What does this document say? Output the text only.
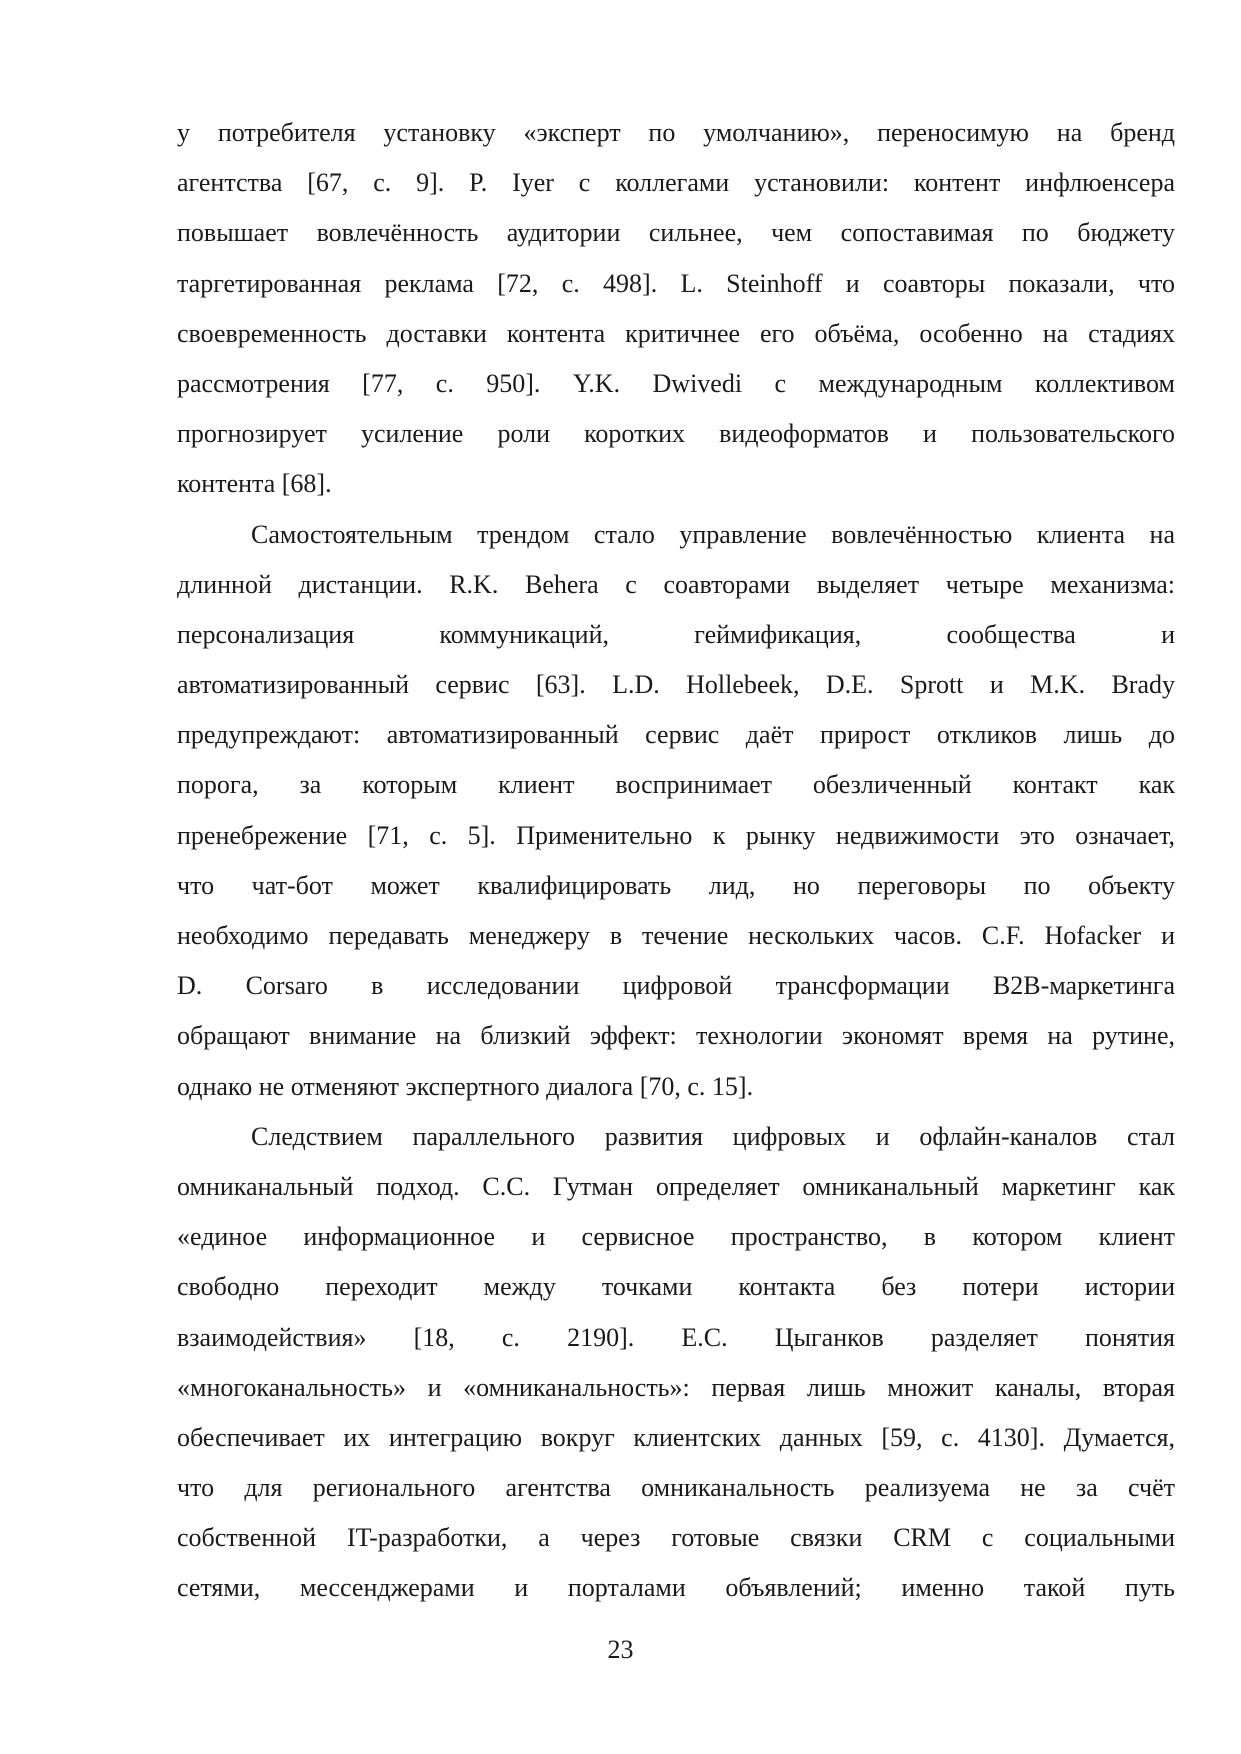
у потребителя установку «эксперт по умолчанию», переносимую на бренд
агентства [67, с. 9]. P. Iyer с коллегами установили: контент инфлюенсера
повышает вовлечённость аудитории сильнее, чем сопоставимая по бюджету
таргетированная реклама [72, с. 498]. L. Steinhoff и соавторы показали, что
своевременность доставки контента критичнее его объёма, особенно на стадиях
рассмотрения [77, с. 950]. Y.K. Dwivedi с международным коллективом
прогнозирует усиление роли коротких видеоформатов и пользовательского
контента [68].
Самостоятельным трендом стало управление вовлечённостью клиента на
длинной дистанции. R.K. Behera с соавторами выделяет четыре механизма:
персонализация коммуникаций, геймификация, сообщества и
автоматизированный сервис [63]. L.D. Hollebeek, D.E. Sprott и M.K. Brady
предупреждают: автоматизированный сервис даёт прирост откликов лишь до
порога, за которым клиент воспринимает обезличенный контакт как
пренебрежение [71, с. 5]. Применительно к рынку недвижимости это означает,
что чат-бот может квалифицировать лид, но переговоры по объекту
необходимо передавать менеджеру в течение нескольких часов. C.F. Hofacker и
D. Corsaro в исследовании цифровой трансформации B2B-маркетинга
обращают внимание на близкий эффект: технологии экономят время на рутине,
однако не отменяют экспертного диалога [70, с. 15].
Следствием параллельного развития цифровых и офлайн-каналов стал
омниканальный подход. С.С. Гутман определяет омниканальный маркетинг как
«единое информационное и сервисное пространство, в котором клиент
свободно переходит между точками контакта без потери истории
взаимодействия» [18, с. 2190]. Е.С. Цыганков разделяет понятия
«многоканальность» и «омниканальность»: первая лишь множит каналы, вторая
обеспечивает их интеграцию вокруг клиентских данных [59, с. 4130]. Думается,
что для регионального агентства омниканальность реализуема не за счёт
собственной IT-разработки, а через готовые связки CRM с социальными
сетями, мессенджерами и порталами объявлений; именно такой путь
23
